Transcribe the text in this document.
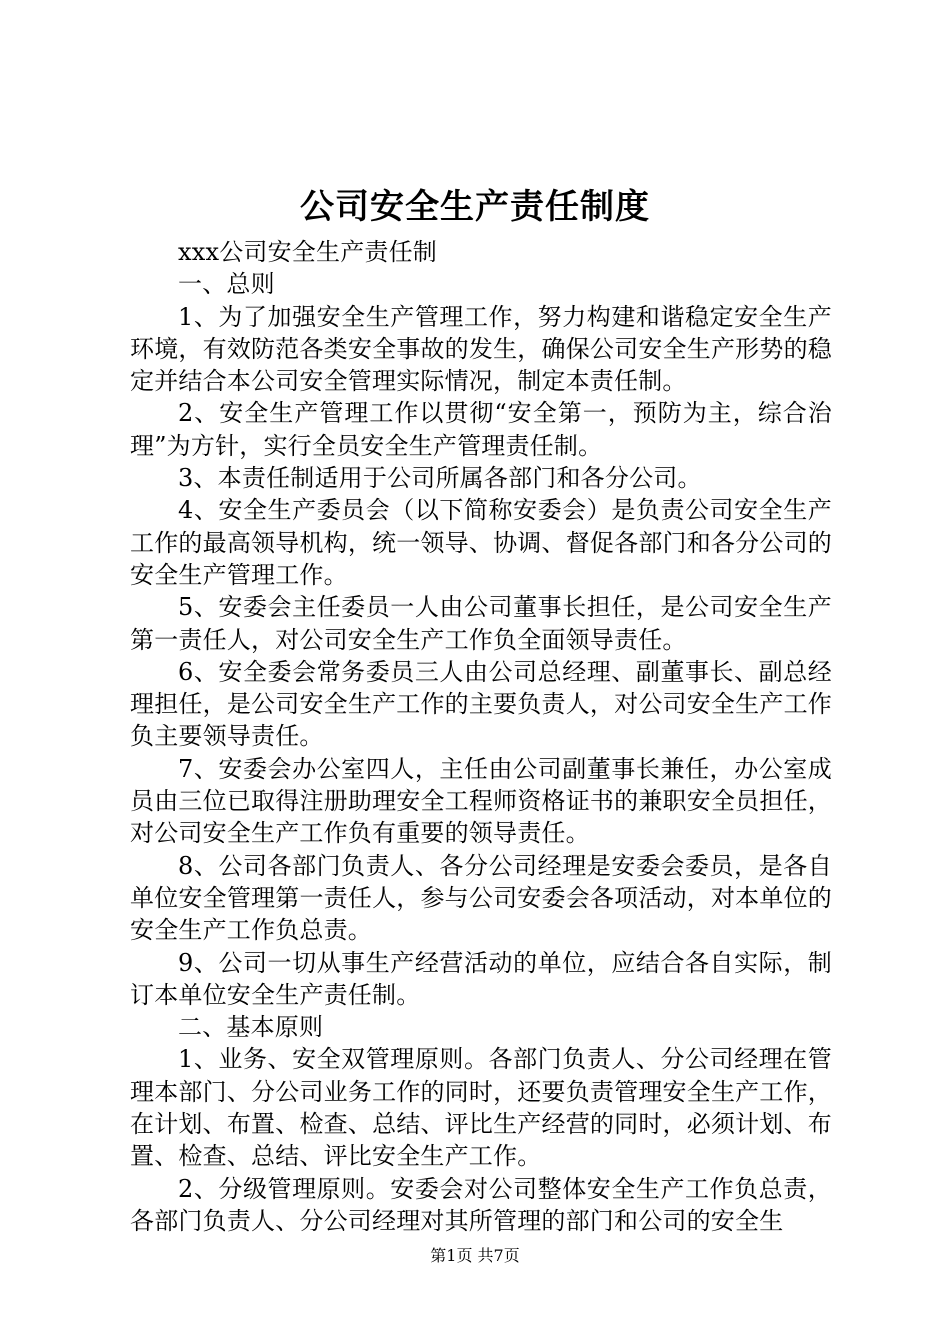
公司安全生产责任制度

xxx公司安全生产责任制

一、总则

1、为了加强安全生产管理工作，努力构建和谐稳定安全生产环境，有效防范各类安全事故的发生，确保公司安全生产形势的稳定并结合本公司安全管理实际情况，制定本责任制。

2、安全生产管理工作以贯彻“安全第一，预防为主，综合治理”为方针，实行全员安全生产管理责任制。

3、本责任制适用于公司所属各部门和各分公司。

4、安全生产委员会（以下简称安委会）是负责公司安全生产工作的最高领导机构，统一领导、协调、督促各部门和各分公司的安全生产管理工作。

5、安委会主任委员一人由公司董事长担任，是公司安全生产第一责任人，对公司安全生产工作负全面领导责任。

6、安全委会常务委员三人由公司总经理、副董事长、副总经理担任，是公司安全生产工作的主要负责人，对公司安全生产工作负主要领导责任。

7、安委会办公室四人，主任由公司副董事长兼任，办公室成员由三位已取得注册助理安全工程师资格证书的兼职安全员担任，对公司安全生产工作负有重要的领导责任。

8、公司各部门负责人、各分公司经理是安委会委员，是各自单位安全管理第一责任人，参与公司安委会各项活动，对本单位的安全生产工作负总责。

9、公司一切从事生产经营活动的单位，应结合各自实际，制订本单位安全生产责任制。

二、基本原则

1、业务、安全双管理原则。各部门负责人、分公司经理在管理本部门、分公司业务工作的同时，还要负责管理安全生产工作，在计划、布置、检查、总结、评比生产经营的同时，必须计划、布置、检查、总结、评比安全生产工作。

2、分级管理原则。安委会对公司整体安全生产工作负总责，各部门负责人、分公司经理对其所管理的部门和公司的安全生

第1页 共7页
